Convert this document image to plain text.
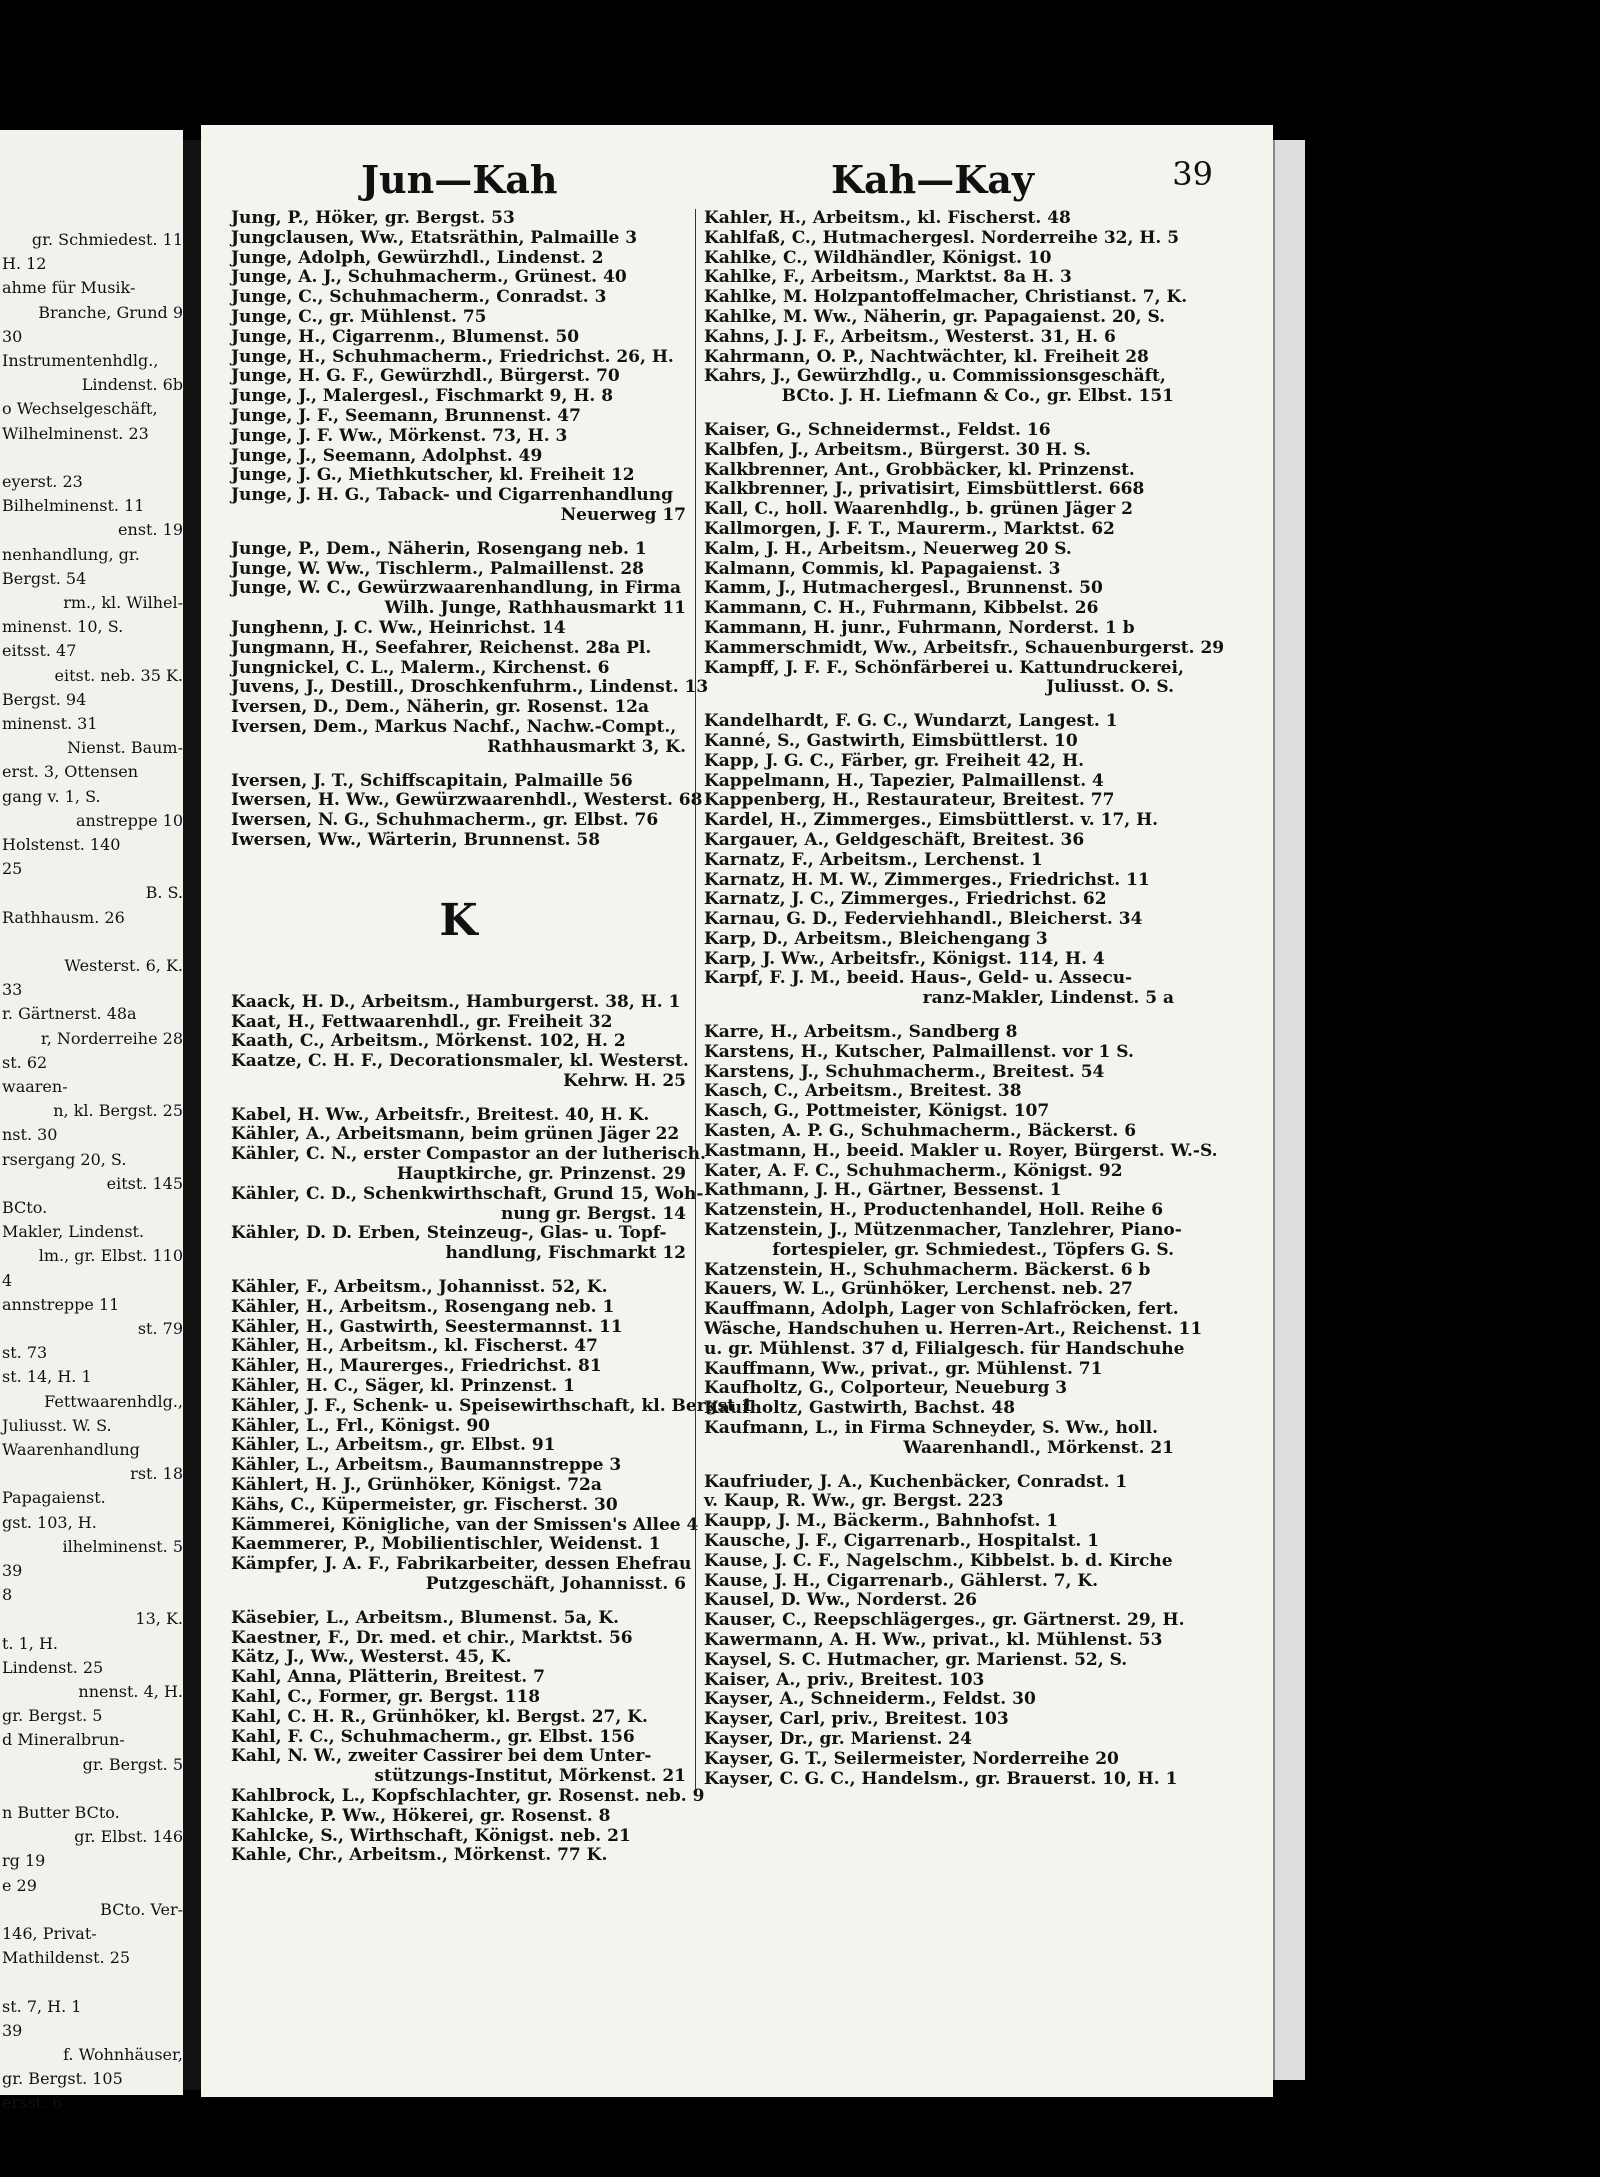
gr. Schmiedest. 11
H. 12
ahme für Musik-
Branche, Grund 9
30
Instrumentenhdlg.,
Lindenst. 6b
o Wechselgeschäft,
Wilhelminenst. 23
eyerst. 23
Bilhelminenst. 11
enst. 19
nenhandlung, gr.
Bergst. 54
rm., kl. Wilhel-
minenst. 10, S.
eitsst. 47
eitst. neb. 35 K.
Bergst. 94
minenst. 31
Nienst. Baum-
erst. 3, Ottensen
gang v. 1, S.
anstreppe 10
Holstenst. 140
25
B. S.
Rathhausm. 26
Westerst. 6, K.
33
r. Gärtnerst. 48a
r, Norderreihe 28
st. 62
waaren-
n, kl. Bergst. 25
nst. 30
rsergang 20, S.
eitst. 145
BCto.
Makler, Lindenst.
lm., gr. Elbst. 110
4
annstreppe 11
st. 79
st. 73
st. 14, H. 1
Fettwaarenhdlg.,
Juliusst. W. S.
Waarenhandlung
rst. 18
Papagaienst.
gst. 103, H.
ilhelminenst. 5
39
8
13, K.
t. 1, H.
Lindenst. 25
nnenst. 4, H.
gr. Bergst. 5
d Mineralbrun-
gr. Bergst. 5
n Butter BCto.
gr. Elbst. 146
rg 19
e 29
BCto. Ver-
146, Privat-
Mathildenst. 25
st. 7, H. 1
39
f. Wohnhäuser,
gr. Bergst. 105
ersst. 6
Jun—Kah	Kah—Kay	39
Jung, P., Höker, gr. Bergst. 53
Jungclausen, Ww., Etatsräthin, Palmaille 3
Junge, Adolph, Gewürzhdl., Lindenst. 2
Junge, A. J., Schuhmacherm., Grünest. 40
Junge, C., Schuhmacherm., Conradst. 3
Junge, C., gr. Mühlenst. 75
Junge, H., Cigarrenm., Blumenst. 50
Junge, H., Schuhmacherm., Friedrichst. 26, H.
Junge, H. G. F., Gewürzhdl., Bürgerst. 70
Junge, J., Malergesl., Fischmarkt 9, H. 8
Junge, J. F., Seemann, Brunnenst. 47
Junge, J. F. Ww., Mörkenst. 73, H. 3
Junge, J., Seemann, Adolphst. 49
Junge, J. G., Miethkutscher, kl. Freiheit 12
Junge, J. H. G., Taback- und Cigarrenhandlung
Neuerweg 17
Junge, P., Dem., Näherin, Rosengang neb. 1
Junge, W. Ww., Tischlerm., Palmaillenst. 28
Junge, W. C., Gewürzwaarenhandlung, in Firma
Wilh. Junge, Rathhausmarkt 11
Junghenn, J. C. Ww., Heinrichst. 14
Jungmann, H., Seefahrer, Reichenst. 28a Pl.
Jungnickel, C. L., Malerm., Kirchenst. 6
Juvens, J., Destill., Droschkenfuhrm., Lindenst. 13
Iversen, D., Dem., Näherin, gr. Rosenst. 12a
Iversen, Dem., Markus Nachf., Nachw.-Compt.,
Rathhausmarkt 3, K.
Iversen, J. T., Schiffscapitain, Palmaille 56
Iwersen, H. Ww., Gewürzwaarenhdl., Westerst. 68
Iwersen, N. G., Schuhmacherm., gr. Elbst. 76
Iwersen, Ww., Wärterin, Brunnenst. 58
K
Kaack, H. D., Arbeitsm., Hamburgerst. 38, H. 1
Kaat, H., Fettwaarenhdl., gr. Freiheit 32
Kaath, C., Arbeitsm., Mörkenst. 102, H. 2
Kaatze, C. H. F., Decorationsmaler, kl. Westerst.
Kehrw. H. 25
Kabel, H. Ww., Arbeitsfr., Breitest. 40, H. K.
Kähler, A., Arbeitsmann, beim grünen Jäger 22
Kähler, C. N., erster Compastor an der lutherisch.
Hauptkirche, gr. Prinzenst. 29
Kähler, C. D., Schenkwirthschaft, Grund 15, Woh-
nung gr. Bergst. 14
Kähler, D. D. Erben, Steinzeug-, Glas- u. Topf-
handlung, Fischmarkt 12
Kähler, F., Arbeitsm., Johannisst. 52, K.
Kähler, H., Arbeitsm., Rosengang neb. 1
Kähler, H., Gastwirth, Seestermannst. 11
Kähler, H., Arbeitsm., kl. Fischerst. 47
Kähler, H., Maurerges., Friedrichst. 81
Kähler, H. C., Säger, kl. Prinzenst. 1
Kähler, J. F., Schenk- u. Speisewirthschaft, kl. Bergst 1
Kähler, L., Frl., Königst. 90
Kähler, L., Arbeitsm., gr. Elbst. 91
Kähler, L., Arbeitsm., Baumannstreppe 3
Kählert, H. J., Grünhöker, Königst. 72a
Kähs, C., Küpermeister, gr. Fischerst. 30
Kämmerei, Königliche, van der Smissen's Allee 4
Kaemmerer, P., Mobilientischler, Weidenst. 1
Kämpfer, J. A. F., Fabrikarbeiter, dessen Ehefrau
Putzgeschäft, Johannisst. 6
Käsebier, L., Arbeitsm., Blumenst. 5a, K.
Kaestner, F., Dr. med. et chir., Marktst. 56
Kätz, J., Ww., Westerst. 45, K.
Kahl, Anna, Plätterin, Breitest. 7
Kahl, C., Former, gr. Bergst. 118
Kahl, C. H. R., Grünhöker, kl. Bergst. 27, K.
Kahl, F. C., Schuhmacherm., gr. Elbst. 156
Kahl, N. W., zweiter Cassirer bei dem Unter-
stützungs-Institut, Mörkenst. 21
Kahlbrock, L., Kopfschlachter, gr. Rosenst. neb. 9
Kahlcke, P. Ww., Hökerei, gr. Rosenst. 8
Kahlcke, S., Wirthschaft, Königst. neb. 21
Kahle, Chr., Arbeitsm., Mörkenst. 77 K.
Kahler, H., Arbeitsm., kl. Fischerst. 48
Kahlfaß, C., Hutmachergesl. Norderreihe 32, H. 5
Kahlke, C., Wildhändler, Königst. 10
Kahlke, F., Arbeitsm., Marktst. 8a H. 3
Kahlke, M. Holzpantoffelmacher, Christianst. 7, K.
Kahlke, M. Ww., Näherin, gr. Papagaienst. 20, S.
Kahns, J. J. F., Arbeitsm., Westerst. 31, H. 6
Kahrmann, O. P., Nachtwächter, kl. Freiheit 28
Kahrs, J., Gewürzhdlg., u. Commissionsgeschäft,
BCto. J. H. Liefmann & Co., gr. Elbst. 151
Kaiser, G., Schneidermst., Feldst. 16
Kalbfen, J., Arbeitsm., Bürgerst. 30 H. S.
Kalkbrenner, Ant., Grobbäcker, kl. Prinzenst.
Kalkbrenner, J., privatisirt, Eimsbüttlerst. 668
Kall, C., holl. Waarenhdlg., b. grünen Jäger 2
Kallmorgen, J. F. T., Maurerm., Marktst. 62
Kalm, J. H., Arbeitsm., Neuerweg 20 S.
Kalmann, Commis, kl. Papagaienst. 3
Kamm, J., Hutmachergesl., Brunnenst. 50
Kammann, C. H., Fuhrmann, Kibbelst. 26
Kammann, H. junr., Fuhrmann, Norderst. 1 b
Kammerschmidt, Ww., Arbeitsfr., Schauenburgerst. 29
Kampff, J. F. F., Schönfärberei u. Kattundruckerei,
Juliusst. O. S.
Kandelhardt, F. G. C., Wundarzt, Langest. 1
Kanné, S., Gastwirth, Eimsbüttlerst. 10
Kapp, J. G. C., Färber, gr. Freiheit 42, H.
Kappelmann, H., Tapezier, Palmaillenst. 4
Kappenberg, H., Restaurateur, Breitest. 77
Kardel, H., Zimmerges., Eimsbüttlerst. v. 17, H.
Kargauer, A., Geldgeschäft, Breitest. 36
Karnatz, F., Arbeitsm., Lerchenst. 1
Karnatz, H. M. W., Zimmerges., Friedrichst. 11
Karnatz, J. C., Zimmerges., Friedrichst. 62
Karnau, G. D., Federviehhandl., Bleicherst. 34
Karp, D., Arbeitsm., Bleichengang 3
Karp, J. Ww., Arbeitsfr., Königst. 114, H. 4
Karpf, F. J. M., beeid. Haus-, Geld- u. Assecu-
ranz-Makler, Lindenst. 5 a
Karre, H., Arbeitsm., Sandberg 8
Karstens, H., Kutscher, Palmaillenst. vor 1 S.
Karstens, J., Schuhmacherm., Breitest. 54
Kasch, C., Arbeitsm., Breitest. 38
Kasch, G., Pottmeister, Königst. 107
Kasten, A. P. G., Schuhmacherm., Bäckerst. 6
Kastmann, H., beeid. Makler u. Royer, Bürgerst. W.-S.
Kater, A. F. C., Schuhmacherm., Königst. 92
Kathmann, J. H., Gärtner, Bessenst. 1
Katzenstein, H., Productenhandel, Holl. Reihe 6
Katzenstein, J., Mützenmacher, Tanzlehrer, Piano-
fortespieler, gr. Schmiedest., Töpfers G. S.
Katzenstein, H., Schuhmacherm. Bäckerst. 6 b
Kauers, W. L., Grünhöker, Lerchenst. neb. 27
Kauffmann, Adolph, Lager von Schlafröcken, fert.
Wäsche, Handschuhen u. Herren-Art., Reichenst. 11
u. gr. Mühlenst. 37 d, Filialgesch. für Handschuhe
Kauffmann, Ww., privat., gr. Mühlenst. 71
Kaufholtz, G., Colporteur, Neueburg 3
Kaufholtz, Gastwirth, Bachst. 48
Kaufmann, L., in Firma Schneyder, S. Ww., holl.
Waarenhandl., Mörkenst. 21
Kaufriuder, J. A., Kuchenbäcker, Conradst. 1
v. Kaup, R. Ww., gr. Bergst. 223
Kaupp, J. M., Bäckerm., Bahnhofst. 1
Kausche, J. F., Cigarrenarb., Hospitalst. 1
Kause, J. C. F., Nagelschm., Kibbelst. b. d. Kirche
Kause, J. H., Cigarrenarb., Gählerst. 7, K.
Kausel, D. Ww., Norderst. 26
Kauser, C., Reepschlägerges., gr. Gärtnerst. 29, H.
Kawermann, A. H. Ww., privat., kl. Mühlenst. 53
Kaysel, S. C. Hutmacher, gr. Marienst. 52, S.
Kaiser, A., priv., Breitest. 103
Kayser, A., Schneiderm., Feldst. 30
Kayser, Carl, priv., Breitest. 103
Kayser, Dr., gr. Marienst. 24
Kayser, G. T., Seilermeister, Norderreihe 20
Kayser, C. G. C., Handelsm., gr. Brauerst. 10, H. 1
